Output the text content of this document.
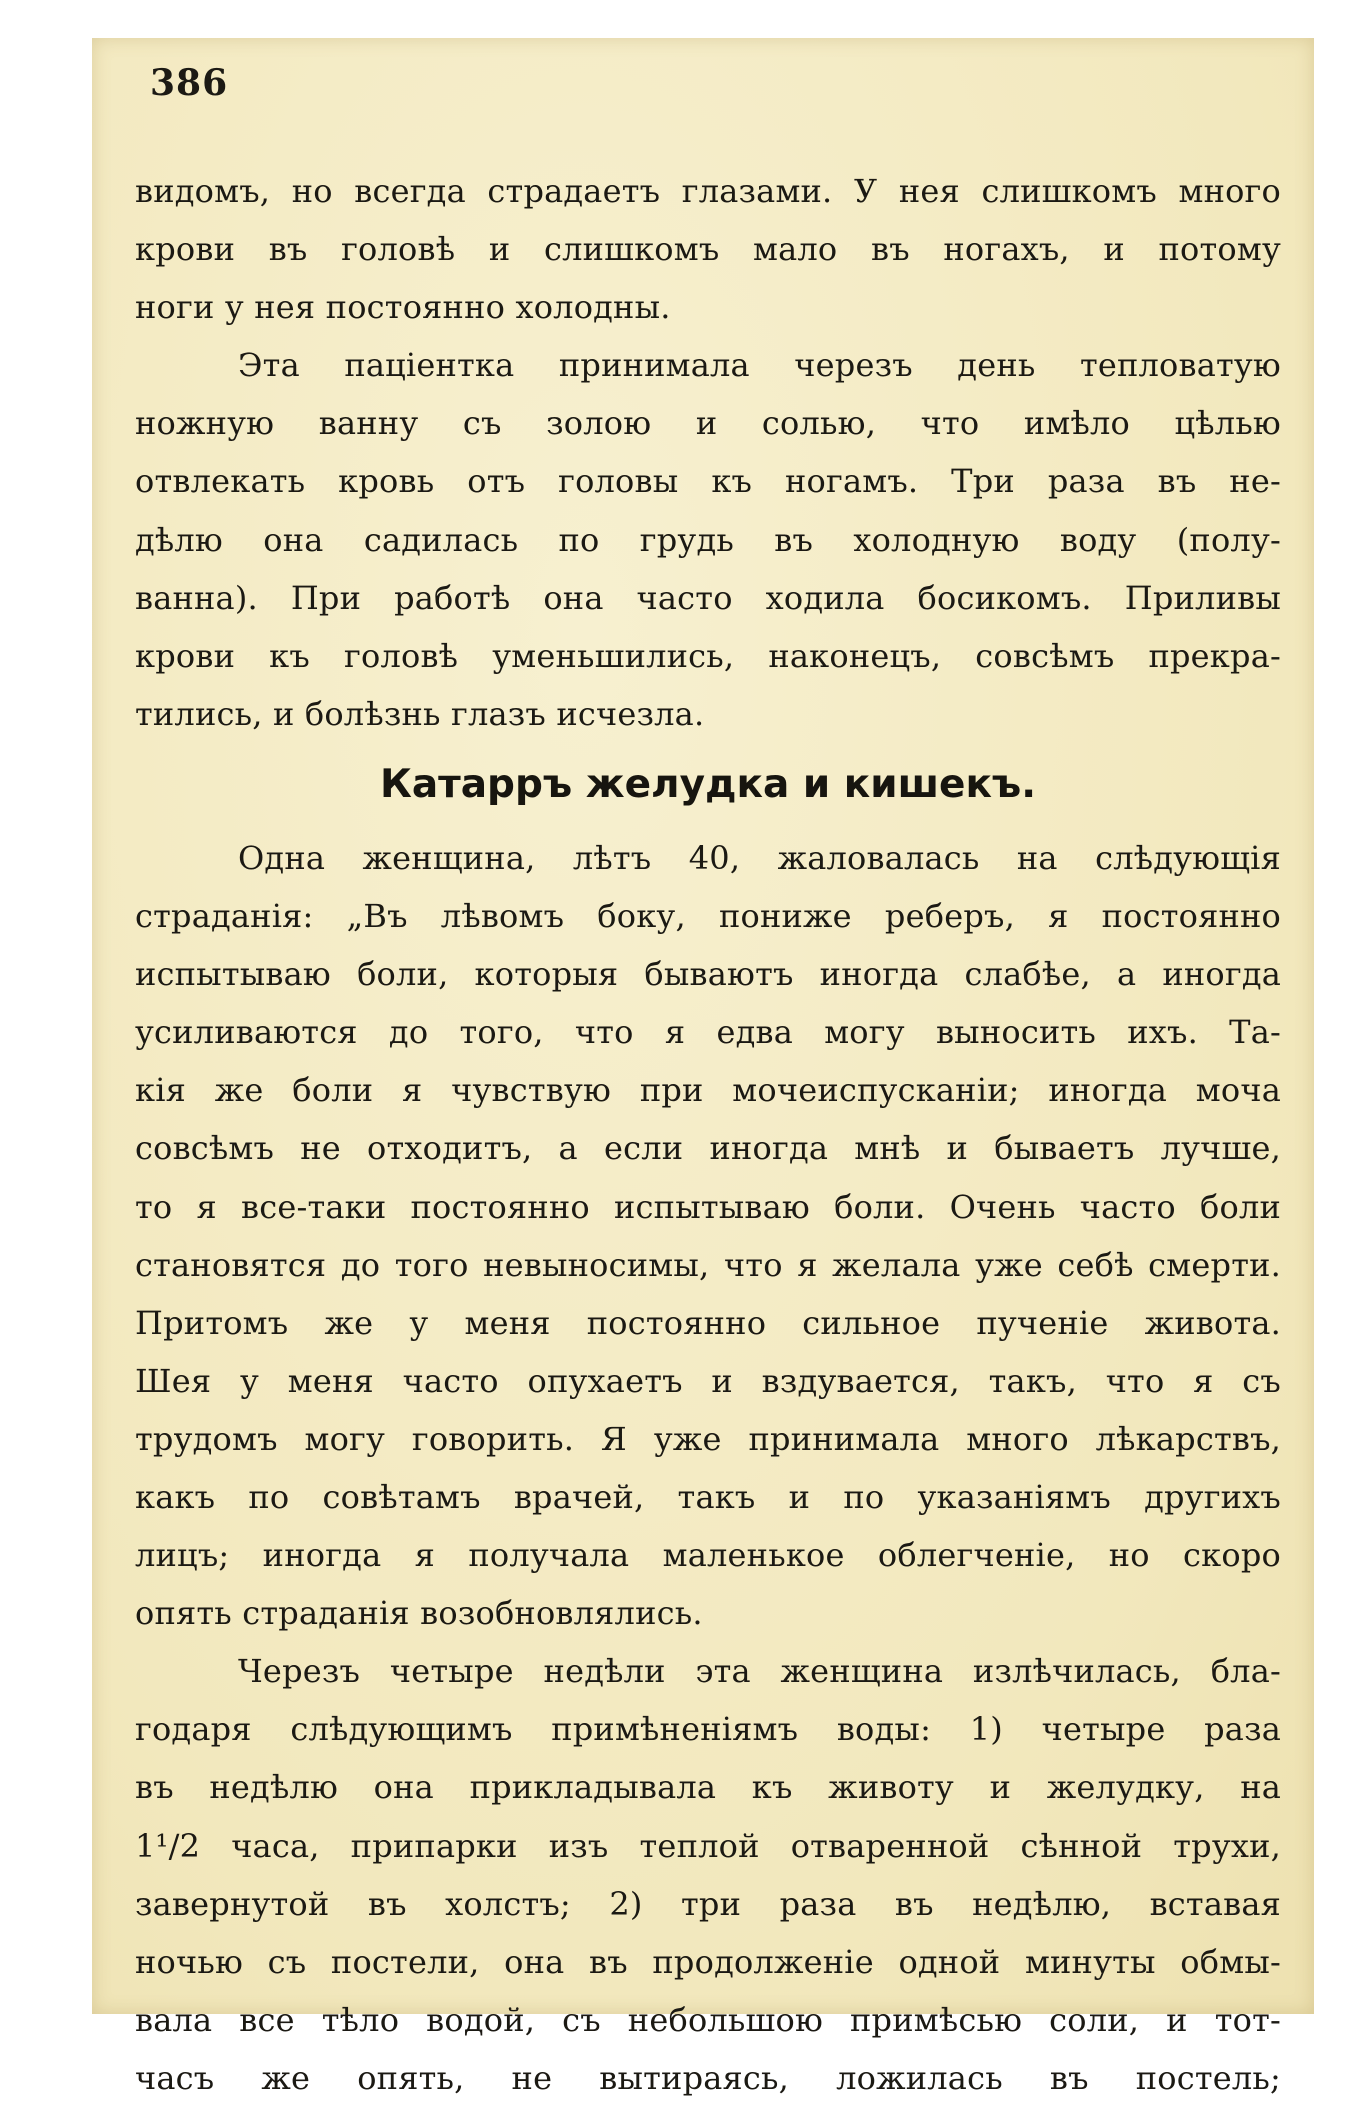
386
видомъ, но всегда страдаетъ глазами. У нея слишкомъ много
крови въ головѣ и слишкомъ мало въ ногахъ, и потому
ноги у нея постоянно холодны.
Эта паціентка принимала черезъ день тепловатую
ножную ванну съ золою и солью, что имѣло цѣлью
отвлекать кровь отъ головы къ ногамъ. Три раза въ не-
дѣлю она садилась по грудь въ холодную воду (полу-
ванна). При работѣ она часто ходила босикомъ. Приливы
крови къ головѣ уменьшились, наконецъ, совсѣмъ прекра-
тились, и болѣзнь глазъ исчезла.
Катарръ желудка и кишекъ.
Одна женщина, лѣтъ 40, жаловалась на слѣдующія
страданія: „Въ лѣвомъ боку, пониже реберъ, я постоянно
испытываю боли, которыя бываютъ иногда слабѣе, а иногда
усиливаются до того, что я едва могу выносить ихъ. Та-
кія же боли я чувствую при мочеиспусканіи; иногда моча
совсѣмъ не отходитъ, а если иногда мнѣ и бываетъ лучше,
то я все-таки постоянно испытываю боли. Очень часто боли
становятся до того невыносимы, что я желала уже себѣ смерти.
Притомъ же у меня постоянно сильное пученіе живота.
Шея у меня часто опухаетъ и вздувается, такъ, что я съ
трудомъ могу говорить. Я уже принимала много лѣкарствъ,
какъ по совѣтамъ врачей, такъ и по указаніямъ другихъ
лицъ; иногда я получала маленькое облегченіе, но скоро
опять страданія возобновлялись.
Черезъ четыре недѣли эта женщина излѣчилась, бла-
годаря слѣдующимъ примѣненіямъ воды: 1) четыре раза
въ недѣлю она прикладывала къ животу и желудку, на
1¹/2 часа, припарки изъ теплой отваренной сѣнной трухи,
завернутой въ холстъ; 2) три раза въ недѣлю, вставая
ночью съ постели, она въ продолженіе одной минуты обмы-
вала все тѣло водой, съ небольшою примѣсью соли, и тот-
часъ же опять, не вытираясь, ложилась въ постель;
